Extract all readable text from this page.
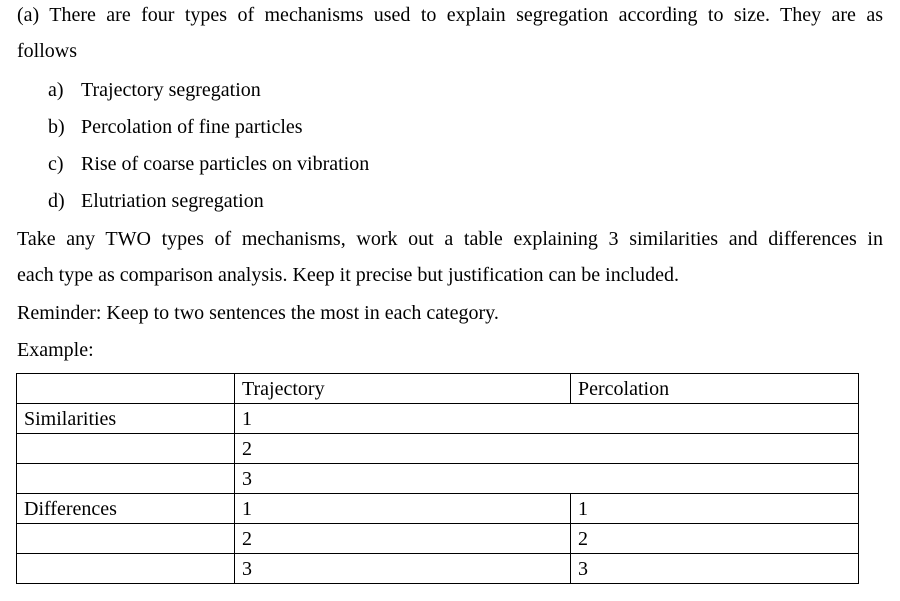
(a) There are four types of mechanisms used to explain segregation according to size. They are as
follows
a) Trajectory segregation
b) Percolation of fine particles
c) Rise of coarse particles on vibration
d) Elutriation segregation
Take any TWO types of mechanisms, work out a table explaining 3 similarities and differences in
each type as comparison analysis. Keep it precise but justification can be included.
Reminder: Keep to two sentences the most in each category.
Example:
	Trajectory	Percolation
Similarities	1	
	2	
	3	
Differences	1	1
	2	2
	3	3
